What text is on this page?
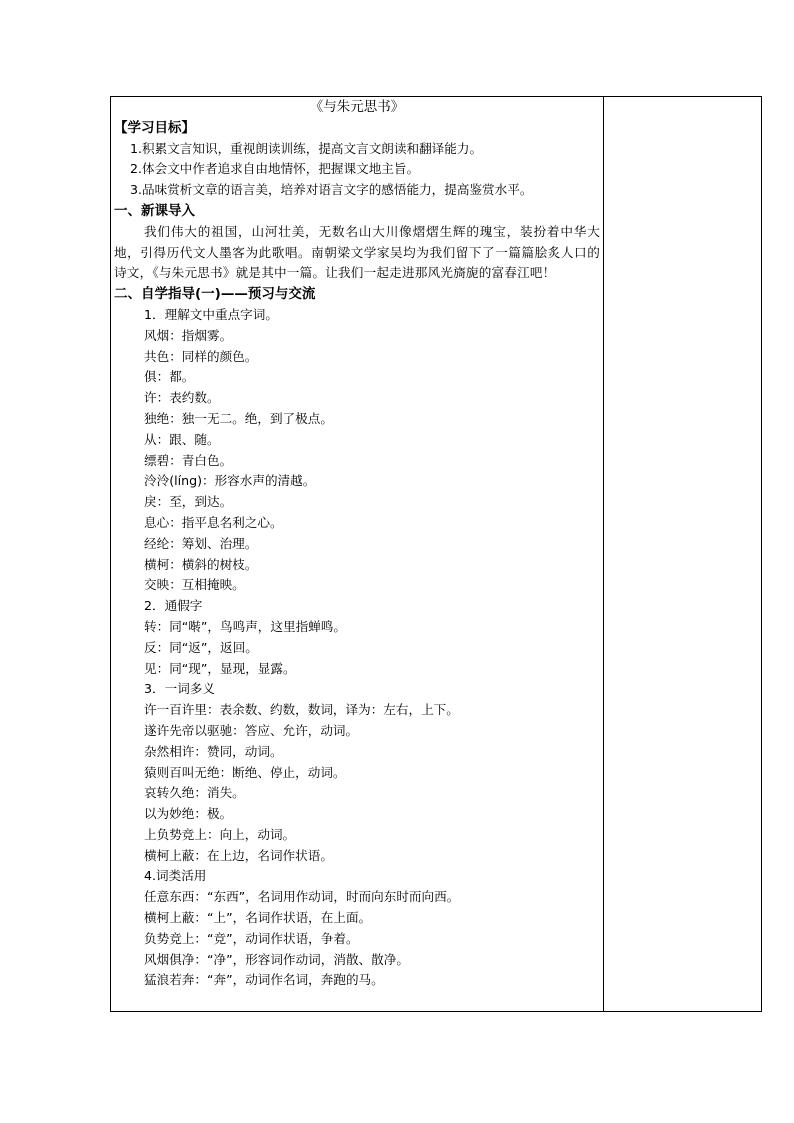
《与朱元思书》
【学习目标】
1.积累文言知识，重视朗读训练，提高文言文朗读和翻译能力。
2.体会文中作者追求自由地情怀，把握课文地主旨。
3.品味赏析文章的语言美，培养对语言文字的感悟能力，提高鉴赏水平。
一、新课导入

我们伟大的祖国，山河壮美，无数名山大川像熠熠生辉的瑰宝，装扮着中华大地，引得历代文人墨客为此歌唱。南朝梁文学家吴均为我们留下了一篇篇脍炙人口的诗文，《与朱元思书》就是其中一篇。让我们一起走进那风光旖旎的富春江吧！

二、自学指导(一)——预习与交流
1．理解文中重点字词。
风烟：指烟雾。
共色：同样的颜色。
俱：都。
许：表约数。
独绝：独一无二。绝，到了极点。
从：跟、随。
缥碧：青白色。
泠泠(líng)：形容水声的清越。
戾：至，到达。
息心：指平息名利之心。
经纶：筹划、治理。
横柯：横斜的树枝。
交映：互相掩映。
2．通假字
转：同“啭”，鸟鸣声，这里指蝉鸣。
反：同“返”，返回。
见：同“现”，显现，显露。
3．一词多义
许一百许里：表余数、约数，数词，译为：左右，上下。
遂许先帝以驱驰：答应、允许，动词。
杂然相许：赞同，动词。
猿则百叫无绝：断绝、停止，动词。
哀转久绝：消失。
以为妙绝：极。
上负势竞上：向上，动词。
横柯上蔽：在上边，名词作状语。
4.词类活用
任意东西：“东西”，名词用作动词，时而向东时而向西。
横柯上蔽：“上”，名词作状语，在上面。
负势竞上：“竞”，动词作状语，争着。
风烟俱净：“净”，形容词作动词，消散、散净。
猛浪若奔：“奔”，动词作名词，奔跑的马。
